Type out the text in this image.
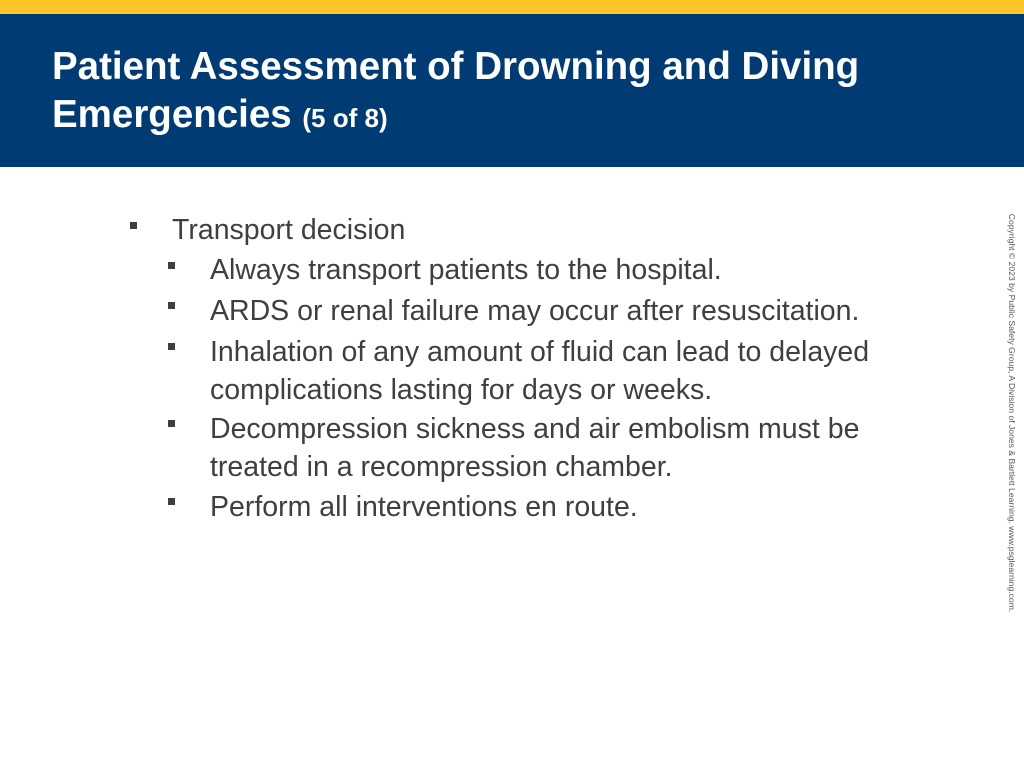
Patient Assessment of Drowning and Diving Emergencies (5 of 8)
Transport decision
Always transport patients to the hospital.
ARDS or renal failure may occur after resuscitation.
Inhalation of any amount of fluid can lead to delayed complications lasting for days or weeks.
Decompression sickness and air embolism must be treated in a recompression chamber.
Perform all interventions en route.	Copyright © 2023 by Public Safety Group, A Division of Jones & Bartlett Learning. www.psglearning.com.
